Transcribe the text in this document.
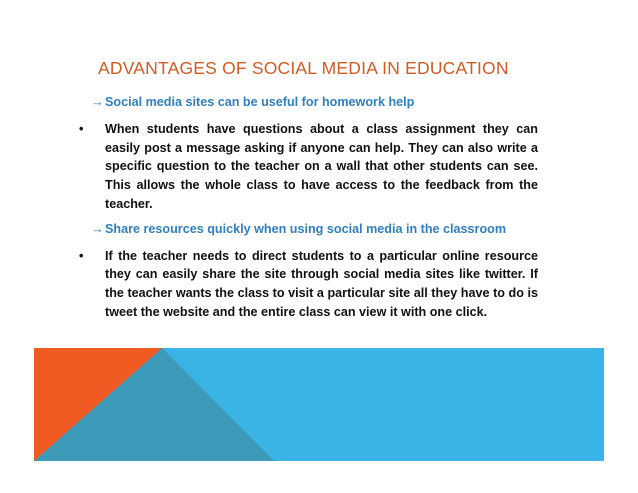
ADVANTAGES OF SOCIAL MEDIA IN EDUCATION
→Social media sites can be useful for homework help
• When students have questions about a class assignment they can easily post a message asking if anyone can help. They can also write a specific question to the teacher on a wall that other students can see. This allows the whole class to have access to the feedback from the teacher.
→Share resources quickly when using social media in the classroom
• If the teacher needs to direct students to a particular online resource they can easily share the site through social media sites like twitter. If the teacher wants the class to visit a particular site all they have to do is tweet the website and the entire class can view it with one click.
